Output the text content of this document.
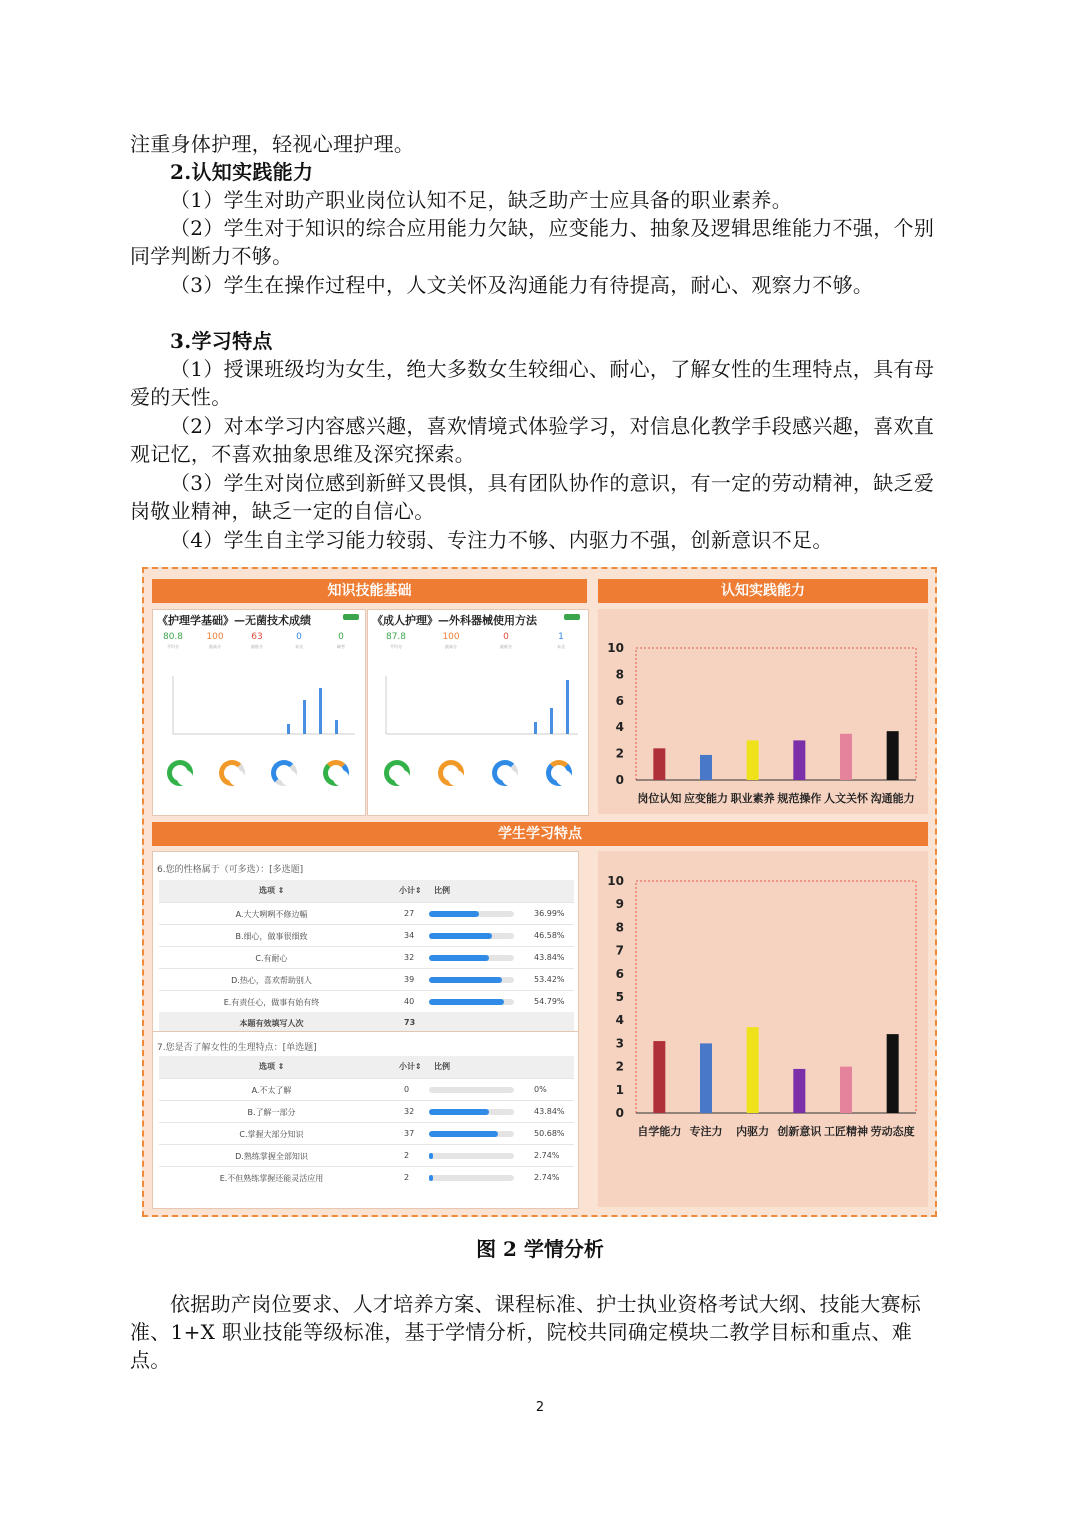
注重身体护理，轻视心理护理。

2.认知实践能力

（1）学生对助产职业岗位认知不足，缺乏助产士应具备的职业素养。

（2）学生对于知识的综合应用能力欠缺，应变能力、抽象及逻辑思维能力不强，个别同学判断力不够。

（3）学生在操作过程中，人文关怀及沟通能力有待提高，耐心、观察力不够。

3.学习特点

（1）授课班级均为女生，绝大多数女生较细心、耐心，了解女性的生理特点，具有母爱的天性。

（2）对本学习内容感兴趣，喜欢情境式体验学习，对信息化教学手段感兴趣，喜欢直观记忆，不喜欢抽象思维及深究探索。

（3）学生对岗位感到新鲜又畏惧，具有团队协作的意识，有一定的劳动精神，缺乏爱岗敬业精神，缺乏一定的自信心。

（4）学生自主学习能力较弱、专注力不够、内驱力不强，创新意识不足。

知识技能基础	认知实践能力
《护理学基础》—无菌技术成绩
80.8
平均分
100
最高分
63
最低分
0
未交
0
缺考
《成人护理》—外科器械使用方法
87.8
平均分
100
最高分
0
最低分
1
未交
0
2
4
6
8
10
岗位认知 应变能力 职业素养 规范操作 人文关怀 沟通能力
学生学习特点
6.您的性格属于（可多选）：[多选题]
选项 ⇕	小计⇕ 比例
A.大大咧咧不修边幅	27	36.99%
B.细心，做事很细致	34	46.58%
C.有耐心	32	43.84%
D.热心，喜欢帮助别人	39	53.42%
E.有责任心，做事有始有终	40	54.79%
本题有效填写人次	73
7.您是否了解女性的生理特点：[单选题]
选项 ⇕	小计⇕ 比例
A.不太了解	0	0%
B.了解一部分	32	43.84%
C.掌握大部分知识	37	50.68%
D.熟练掌握全部知识	2	2.74%
E.不但熟练掌握还能灵活应用	2	2.74%
0
1
2
3
4
5
6
7
8
9
10
自学能力 专注力 内驱力 创新意识 工匠精神 劳动态度
图 2 学情分析

依据助产岗位要求、人才培养方案、课程标准、护士执业资格考试大纲、技能大赛标准、1+X 职业技能等级标准，基于学情分析，院校共同确定模块二教学目标和重点、难点。

2
